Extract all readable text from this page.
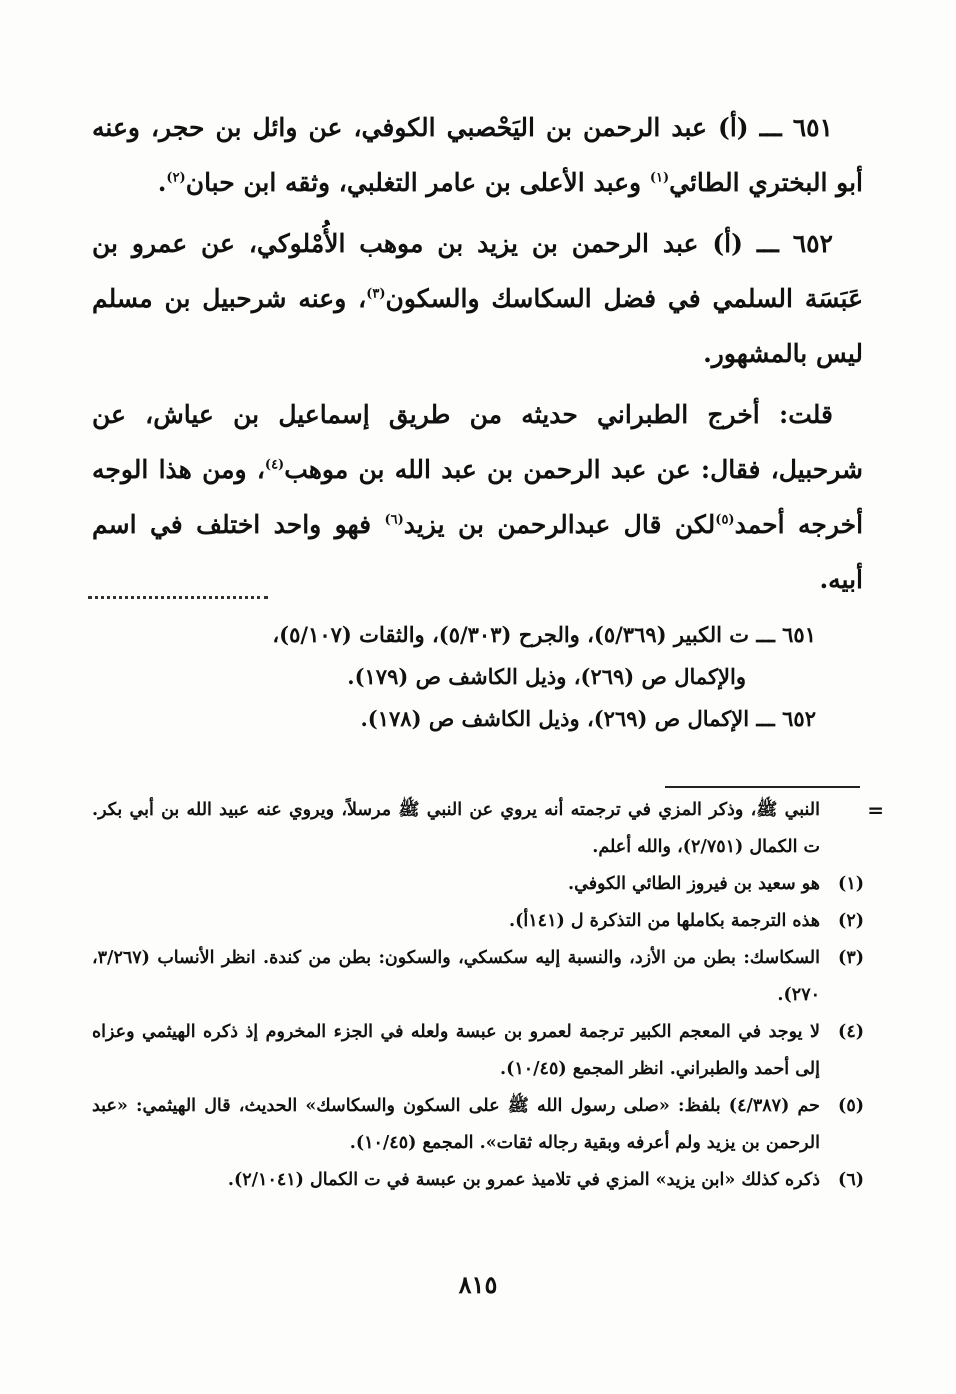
٦٥١ ـــ (أ) عبد الرحمن بن اليَحْصبي الكوفي، عن وائل بن حجر، وعنه أبو البختري الطائي$^{(١)}$ وعبد الأعلى بن عامر التغلبي، وثقه ابن حبان$^{(٢)}$.

٦٥٢ ـــ (أ) عبد الرحمن بن يزيد بن موهب الأُمْلوكي، عن عمرو بن عَبَسَة السلمي في فضل السكاسك والسكون$^{(٣)}$، وعنه شرحبيل بن مسلم ليس بالمشهور.

قلت: أخرج الطبراني حديثه من طريق إسماعيل بن عياش، عن شرحبيل، فقال: عن عبد الرحمن بن عبد الله بن موهب$^{(٤)}$، ومن هذا الوجه أخرجه أحمد$^{(٥)}$لكن قال عبدالرحمن بن يزيد$^{(٦)}$ فهو واحد اختلف في اسم أبيه.

٦٥١ ـــ ت الكبير (٥/٣٦٩)، والجرح (٥/٣٠٣)، والثقات (٥/١٠٧)،
والإكمال ص (٢٦٩)، وذيل الكاشف ص (١٧٩).
٦٥٢ ـــ الإكمال ص (٢٦٩)، وذيل الكاشف ص (١٧٨).
=
النبي ﷺ، وذكر المزي في ترجمته أنه يروي عن النبي ﷺ مرسلاً، ويروي عنه عبيد الله بن أبي بكر. ت الكمال (٢/٧٥١)، والله أعلم.
(١)
هو سعيد بن فيروز الطائي الكوفي.
(٢)
هذه الترجمة بكاملها من التذكرة ل (١٤١أ).
(٣)
السكاسك: بطن من الأزد، والنسبة إليه سكسكي، والسكون: بطن من كندة. انظر الأنساب (٣/٢٦٧، ٢٧٠).
(٤)
لا يوجد في المعجم الكبير ترجمة لعمرو بن عبسة ولعله في الجزء المخروم إذ ذكره الهيثمي وعزاه إلى أحمد والطبراني. انظر المجمع (١٠/٤٥).
(٥)
حم (٤/٣٨٧) بلفظ: «صلى رسول الله ﷺ على السكون والسكاسك» الحديث، قال الهيثمي: «عبد الرحمن بن يزيد ولم أعرفه وبقية رجاله ثقات». المجمع (١٠/٤٥).
(٦)
ذكره كذلك «ابن يزيد» المزي في تلاميذ عمرو بن عبسة في ت الكمال (٢/١٠٤١).
٨١٥
